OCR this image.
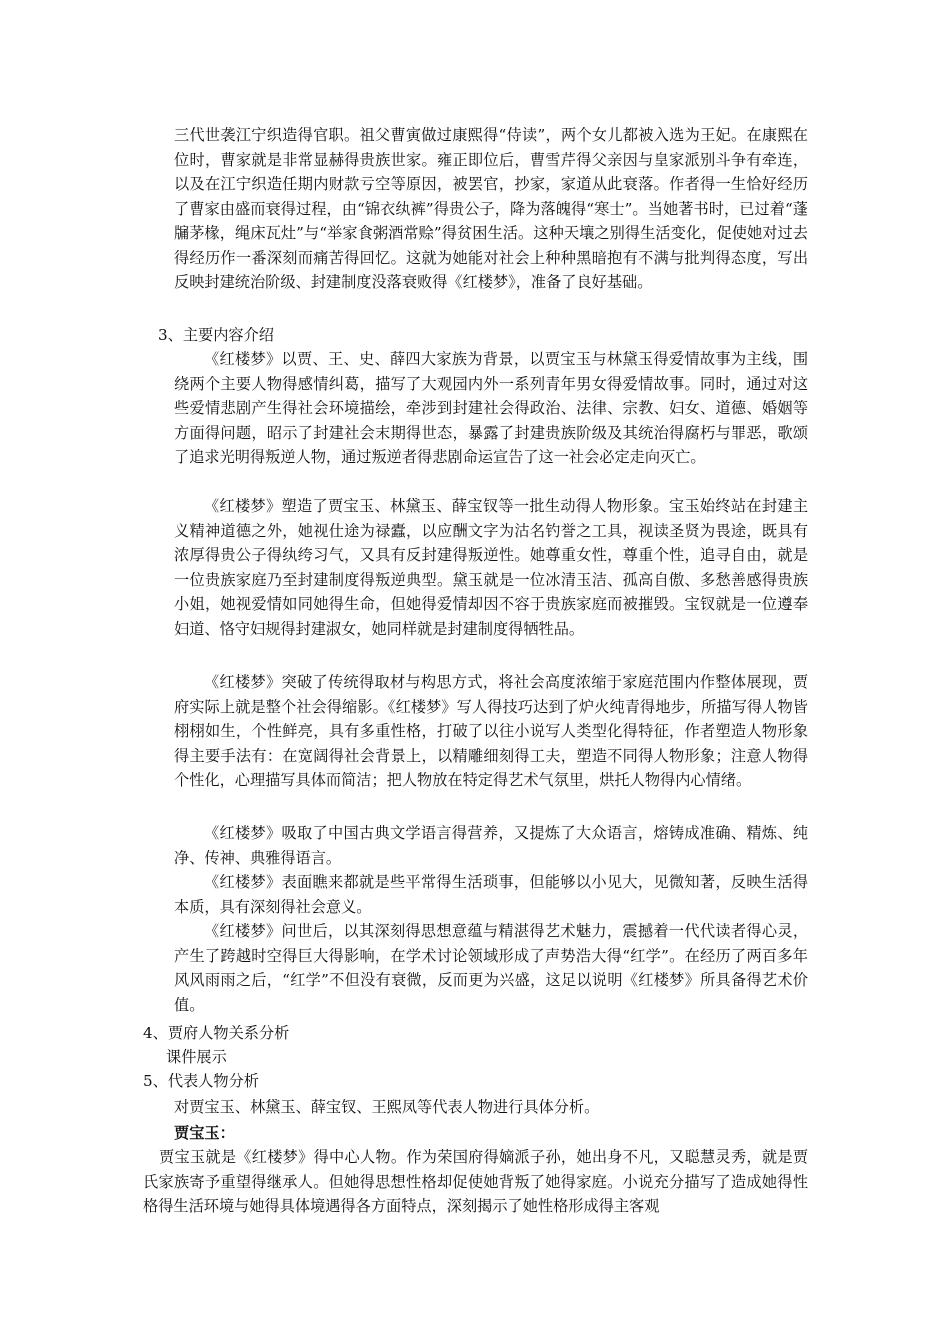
三代世袭江宁织造得官职。祖父曹寅做过康熙得“侍读”，两个女儿都被入选为王妃。在康熙在位时，曹家就是非常显赫得贵族世家。雍正即位后，曹雪芹得父亲因与皇家派别斗争有牵连，以及在江宁织造任期内财款亏空等原因，被罢官，抄家，家道从此衰落。作者得一生恰好经历了曹家由盛而衰得过程，由“锦衣纨裤”得贵公子，降为落魄得“寒士”。当她著书时，已过着“蓬牖茅椽，绳床瓦灶”与“举家食粥酒常赊”得贫困生活。这种天壤之别得生活变化，促使她对过去得经历作一番深刻而痛苦得回忆。这就为她能对社会上种种黑暗抱有不满与批判得态度，写出反映封建统治阶级、封建制度没落衰败得《红楼梦》，准备了良好基础。

3、主要内容介绍

《红楼梦》以贾、王、史、薛四大家族为背景，以贾宝玉与林黛玉得爱情故事为主线，围绕两个主要人物得感情纠葛，描写了大观园内外一系列青年男女得爱情故事。同时，通过对这些爱情悲剧产生得社会环境描绘，牵涉到封建社会得政治、法律、宗教、妇女、道德、婚姻等方面得问题，昭示了封建社会末期得世态，暴露了封建贵族阶级及其统治得腐朽与罪恶，歌颂了追求光明得叛逆人物，通过叛逆者得悲剧命运宣告了这一社会必定走向灭亡。

《红楼梦》塑造了贾宝玉、林黛玉、薛宝钗等一批生动得人物形象。宝玉始终站在封建主义精神道德之外，她视仕途为禄蠹，以应酬文字为沽名钓誉之工具，视读圣贤为畏途，既具有浓厚得贵公子得纨绔习气，又具有反封建得叛逆性。她尊重女性，尊重个性，追寻自由，就是一位贵族家庭乃至封建制度得叛逆典型。黛玉就是一位冰清玉洁、孤高自傲、多愁善感得贵族小姐，她视爱情如同她得生命，但她得爱情却因不容于贵族家庭而被摧毁。宝钗就是一位遵奉妇道、恪守妇规得封建淑女，她同样就是封建制度得牺牲品。

《红楼梦》突破了传统得取材与构思方式，将社会高度浓缩于家庭范围内作整体展现，贾府实际上就是整个社会得缩影。《红楼梦》写人得技巧达到了炉火纯青得地步，所描写得人物皆栩栩如生，个性鲜亮，具有多重性格，打破了以往小说写人类型化得特征，作者塑造人物形象得主要手法有：在宽阔得社会背景上，以精雕细刻得工夫，塑造不同得人物形象；注意人物得个性化，心理描写具体而简洁；把人物放在特定得艺术气氛里，烘托人物得内心情绪。

《红楼梦》吸取了中国古典文学语言得营养，又提炼了大众语言，熔铸成准确、精炼、纯净、传神、典雅得语言。

《红楼梦》表面瞧来都就是些平常得生活琐事，但能够以小见大，见微知著，反映生活得本质，具有深刻得社会意义。

《红楼梦》问世后，以其深刻得思想意蕴与精湛得艺术魅力，震撼着一代代读者得心灵，产生了跨越时空得巨大得影响，在学术讨论领域形成了声势浩大得“红学”。在经历了两百多年风风雨雨之后，“红学”不但没有衰微，反而更为兴盛，这足以说明《红楼梦》所具备得艺术价值。

4、贾府人物关系分析

课件展示

5、代表人物分析

对贾宝玉、林黛玉、薛宝钗、王熙凤等代表人物进行具体分析。

贾宝玉：

贾宝玉就是《红楼梦》得中心人物。作为荣国府得嫡派子孙，她出身不凡，又聪慧灵秀，就是贾氏家族寄予重望得继承人。但她得思想性格却促使她背叛了她得家庭。小说充分描写了造成她得性格得生活环境与她得具体境遇得各方面特点，深刻揭示了她性格形成得主客观
